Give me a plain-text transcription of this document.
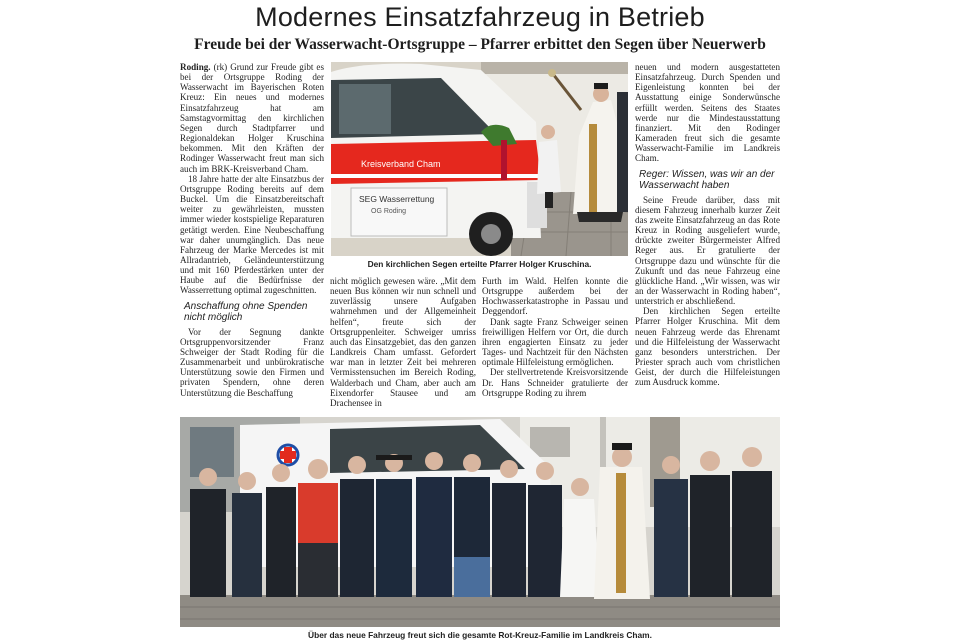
Modernes Einsatzfahrzeug in Betrieb
Freude bei der Wasserwacht-Ortsgruppe – Pfarrer erbittet den Segen über Neuerwerb

Roding. (rk) Grund zur Freude gibt es bei der Ortsgruppe Roding der Wasserwacht im Bayerischen Roten Kreuz: Ein neues und modernes Einsatzfahrzeug hat am Samstagvormittag den kirchlichen Segen durch Stadtpfarrer und Regionaldekan Holger Kruschina bekommen. Mit den Kräften der Rodinger Wasserwacht freut man sich auch im BRK-Kreisverband Cham.

18 Jahre hatte der alte Einsatzbus der Ortsgruppe Roding bereits auf dem Buckel. Um die Einsatzbereitschaft weiter zu gewährleisten, mussten immer wieder kostspielige Reparaturen getätigt werden. Eine Neubeschaffung war daher unumgänglich. Das neue Fahrzeug der Marke Mercedes ist mit Allradantrieb, Geländeunterstützung und mit 160 Pferdestärken unter der Haube auf die Bedürfnisse der Wasserrettung optimal zugeschnitten.

Anschaffung ohne Spenden nicht möglich

Vor der Segnung dankte Ortsgruppenvorsitzender Franz Schweiger der Stadt Roding für die Zusammenarbeit und unbürokratische Unterstützung sowie den Firmen und privaten Spendern, ohne deren Unterstützung die Beschaffung

Kreisverband Cham
SEG Wasserrettung
OG Roding
Den kirchlichen Segen erteilte Pfarrer Holger Kruschina.

nicht möglich gewesen wäre. „Mit dem neuen Bus können wir nun schnell und zuverlässig unsere Aufgaben wahrnehmen und der Allgemeinheit helfen“, freute sich der Ortsgruppenleiter. Schweiger umriss auch das Einsatzgebiet, das den ganzen Landkreis Cham umfasst. Gefordert war man in letzter Zeit bei mehreren Vermisstensuchen im Bereich Roding, Walderbach und Cham, aber auch am Eixendorfer Stausee und am Drachensee in

Furth im Wald. Helfen konnte die Ortsgruppe außerdem bei der Hochwasserkatastrophe in Passau und Deggendorf.

Dank sagte Franz Schweiger seinen freiwilligen Helfern vor Ort, die durch ihren engagierten Einsatz zu jeder Tages- und Nachtzeit für den Nächsten optimale Hilfeleistung ermöglichen.

Der stellvertretende Kreisvorsitzende Dr. Hans Schneider gratulierte der Ortsgruppe Roding zu ihrem

neuen und modern ausgestatteten Einsatzfahrzeug. Durch Spenden und Eigenleistung konnten bei der Ausstattung einige Sonderwünsche erfüllt werden. Seitens des Staates werde nur die Mindestausstattung finanziert. Mit den Rodinger Kameraden freut sich die gesamte Wasserwacht-Familie im Landkreis Cham.

Reger: Wissen, was wir an der Wasserwacht haben

Seine Freude darüber, dass mit diesem Fahrzeug innerhalb kurzer Zeit das zweite Einsatzfahrzeug an das Rote Kreuz in Roding ausgeliefert wurde, drückte zweiter Bürgermeister Alfred Reger aus. Er gratulierte der Ortsgruppe dazu und wünschte für die Zukunft und das neue Fahrzeug eine glückliche Hand. „Wir wissen, was wir an der Wasserwacht in Roding haben“, unterstrich er abschließend.

Den kirchlichen Segen erteilte Pfarrer Holger Kruschina. Mit dem neuen Fahrzeug werde das Ehrenamt und die Hilfeleistung der Wasserwacht ganz besonders unterstrichen. Der Priester sprach auch vom christlichen Geist, der durch die Hilfeleistungen zum Ausdruck komme.

Über das neue Fahrzeug freut sich die gesamte Rot-Kreuz-Familie im Landkreis Cham.
